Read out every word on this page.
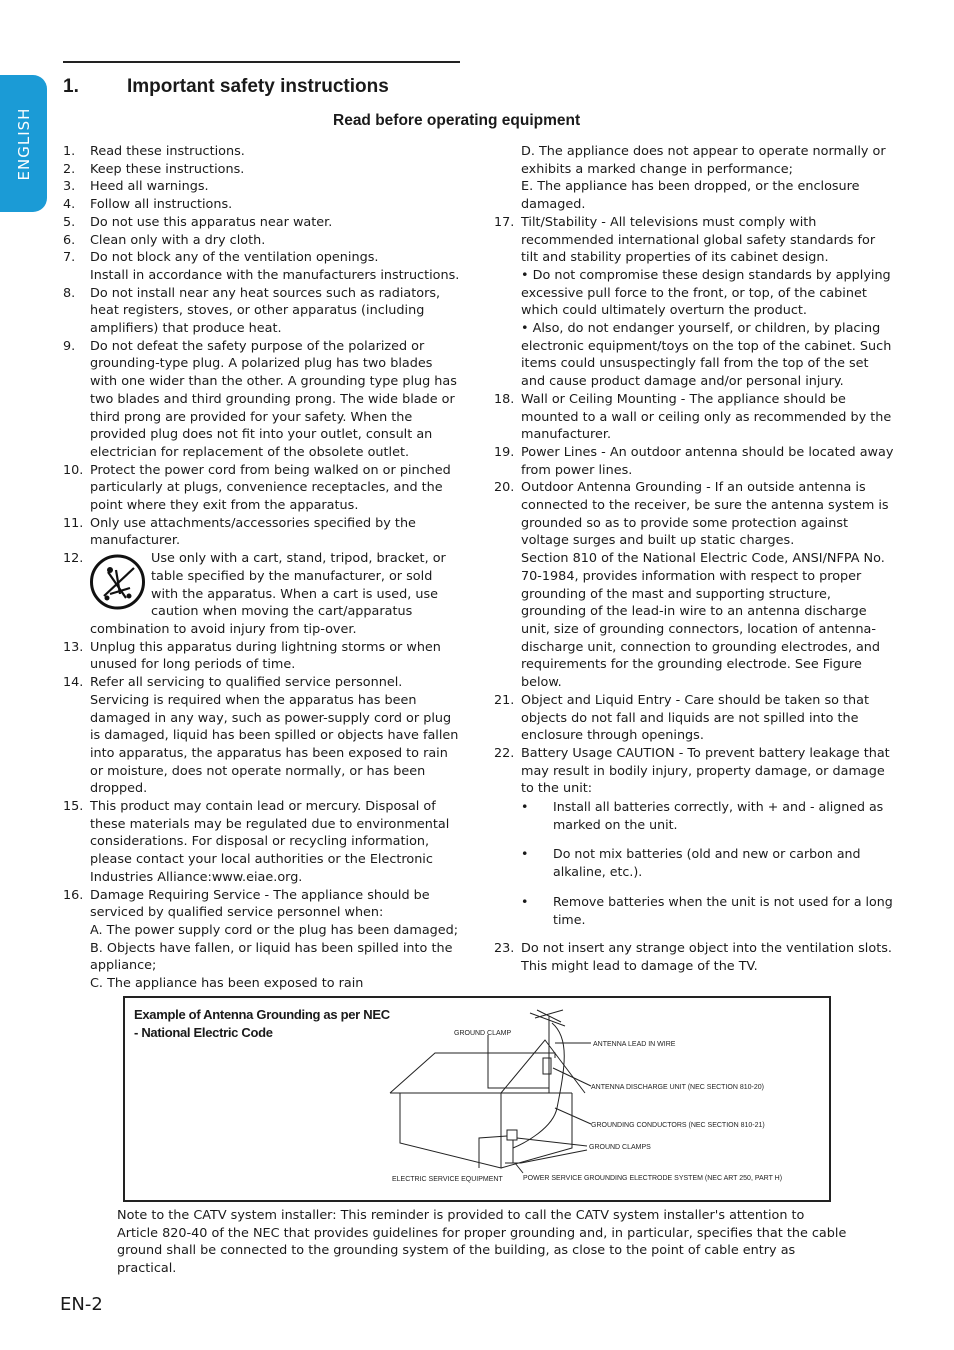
ENGLISH
1.	Important safety instructions
Read before operating equipment
1. Read these instructions.
2. Keep these instructions.
3. Heed all warnings.
4. Follow all instructions.
5. Do not use this apparatus near water.
6. Clean only with a dry cloth.
7. Do not block any of the ventilation openings.
Install in accordance with the manufacturers instructions.
8. Do not install near any heat sources such as radiators, heat registers, stoves, or other apparatus (including amplifiers) that produce heat.
9. Do not defeat the safety purpose of the polarized or grounding-type plug. A polarized plug has two blades with one wider than the other. A grounding type plug has two blades and third grounding prong. The wide blade or third prong are provided for your safety. When the provided plug does not fit into your outlet, consult an electrician for replacement of the obsolete outlet.
10. Protect the power cord from being walked on or pinched particularly at plugs, convenience receptacles, and the point where they exit from the apparatus.
11. Only use attachments/accessories specified by the manufacturer.
12.	Use only with a cart, stand, tripod, bracket, or table specified by the manufacturer, or sold with the apparatus. When a cart is used, use caution when moving the cart/apparatus combination to avoid injury from tip-over.
13. Unplug this apparatus during lightning storms or when unused for long periods of time.
14. Refer all servicing to qualified service personnel. Servicing is required when the apparatus has been damaged in any way, such as power-supply cord or plug is damaged, liquid has been spilled or objects have fallen into apparatus, the apparatus has been exposed to rain or moisture, does not operate normally, or has been dropped.
15. This product may contain lead or mercury. Disposal of these materials may be regulated due to environmental considerations. For disposal or recycling information, please contact your local authorities or the Electronic Industries Alliance:www.eiae.org.
16. Damage Requiring Service - The appliance should be serviced by qualified service personnel when:
A. The power supply cord or the plug has been damaged;
B. Objects have fallen, or liquid has been spilled into the appliance;
C. The appliance has been exposed to rain
D. The appliance does not appear to operate normally or exhibits a marked change in performance;
E. The appliance has been dropped, or the enclosure damaged.
17. Tilt/Stability - All televisions must comply with recommended international global safety standards for tilt and stability properties of its cabinet design.
• Do not compromise these design standards by applying excessive pull force to the front, or top, of the cabinet which could ultimately overturn the product.
• Also, do not endanger yourself, or children, by placing electronic equipment/toys on the top of the cabinet. Such items could unsuspectingly fall from the top of the set and cause product damage and/or personal injury.
18. Wall or Ceiling Mounting - The appliance should be mounted to a wall or ceiling only as recommended by the manufacturer.
19. Power Lines - An outdoor antenna should be located away from power lines.
20. Outdoor Antenna Grounding - If an outside antenna is connected to the receiver, be sure the antenna system is grounded so as to provide some protection against voltage surges and built up static charges.
Section 810 of the National Electric Code, ANSI/NFPA No. 70-1984, provides information with respect to proper grounding of the mast and supporting structure, grounding of the lead-in wire to an antenna discharge unit, size of grounding connectors, location of antenna-discharge unit, connection to grounding electrodes, and requirements for the grounding electrode. See Figure below.
21. Object and Liquid Entry - Care should be taken so that objects do not fall and liquids are not spilled into the enclosure through openings.
22. Battery Usage CAUTION - To prevent battery leakage that may result in bodily injury, property damage, or damage to the unit:
• Install all batteries correctly, with + and - aligned as marked on the unit.
• Do not mix batteries (old and new or carbon and alkaline, etc.).
• Remove batteries when the unit is not used for a long time.
23. Do not insert any strange object into the ventilation slots. This might lead to damage of the TV.
Example of Antenna Grounding as per NEC - National Electric Code	GROUND CLAMP
ANTENNA LEAD IN WIRE
ANTENNA DISCHARGE UNIT (NEC SECTION 810-20)
GROUNDING CONDUCTORS (NEC SECTION 810-21)
GROUND CLAMPS
ELECTRIC SERVICE EQUIPMENT	POWER SERVICE GROUNDING ELECTRODE SYSTEM (NEC ART 250, PART H)
Note to the CATV system installer: This reminder is provided to call the CATV system installer's attention to Article 820-40 of the NEC that provides guidelines for proper grounding and, in particular, specifies that the cable ground shall be connected to the grounding system of the building, as close to the point of cable entry as practical.
EN-2
